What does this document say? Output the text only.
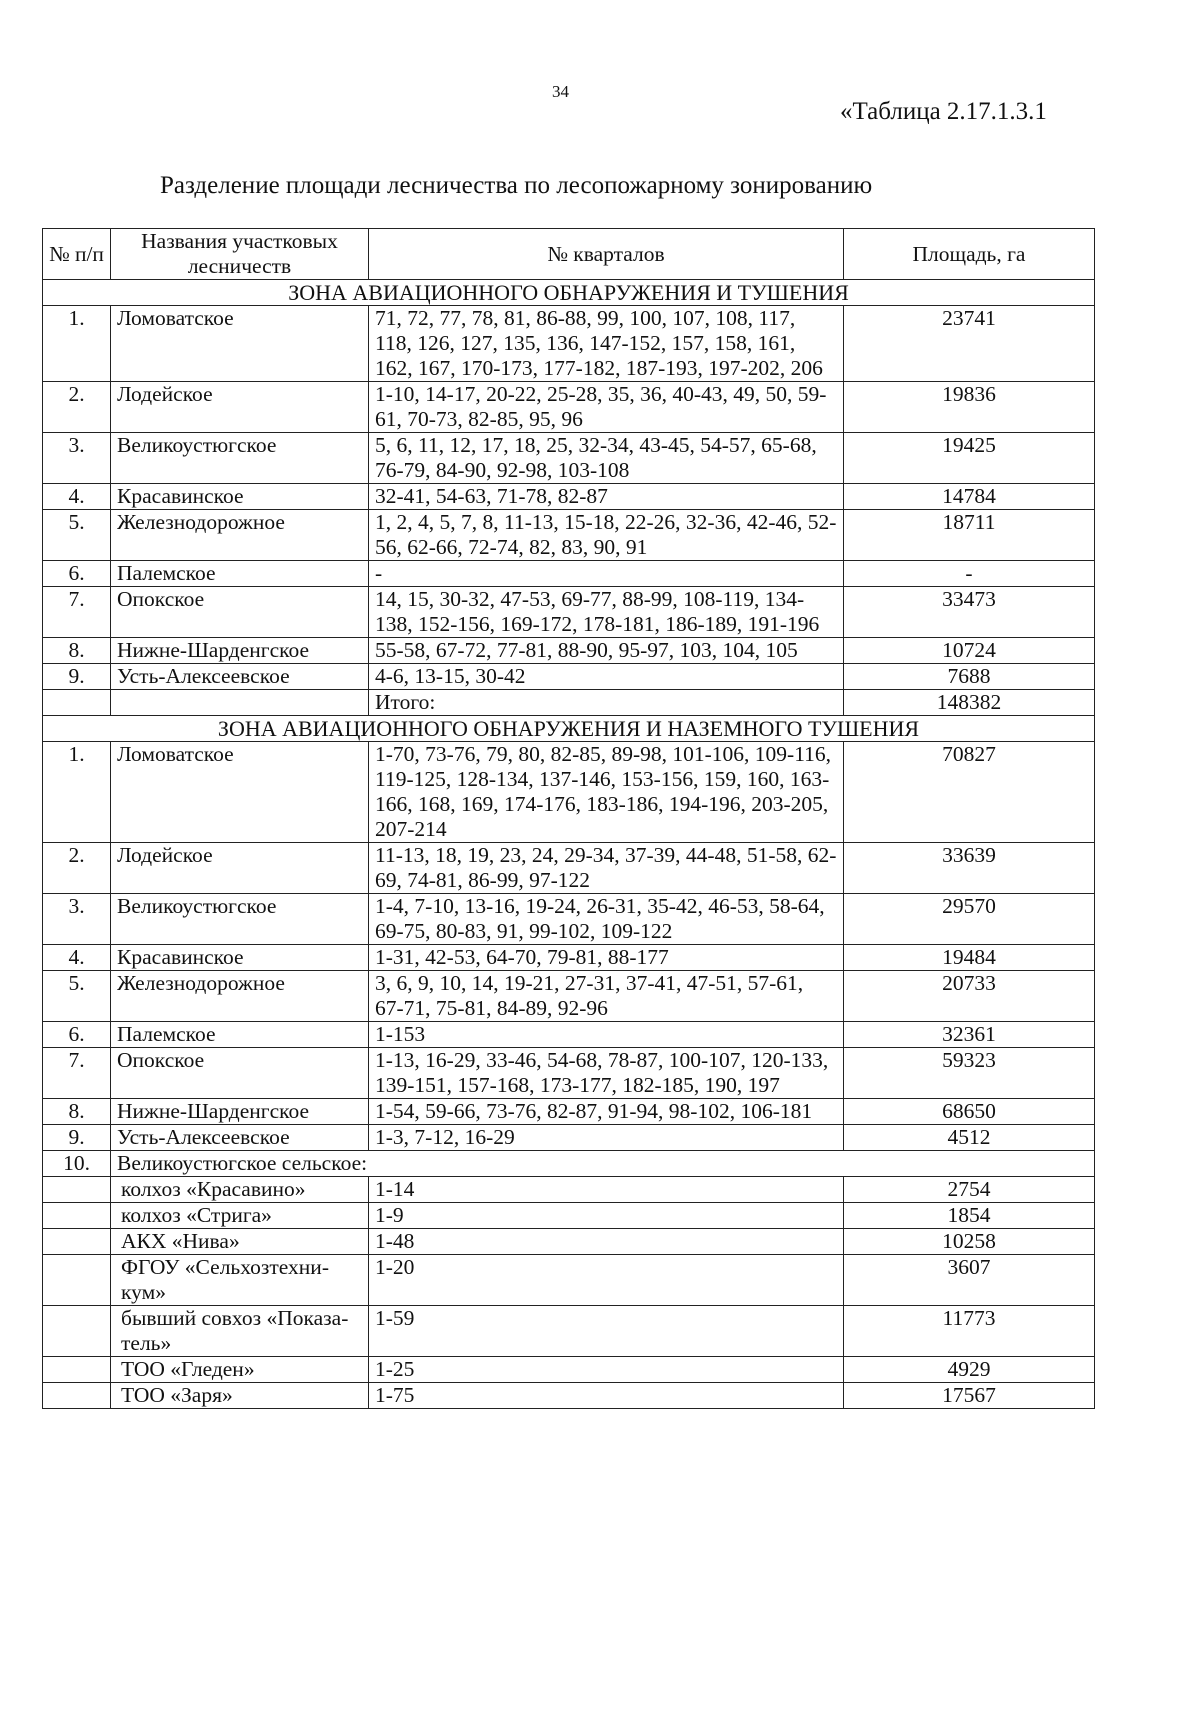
34
«Таблица 2.17.1.3.1
Разделение площади лесничества по лесопожарному зонированию
№ п/п	Названия участковых лесничеств	№ кварталов	Площадь, га
ЗОНА АВИАЦИОННОГО ОБНАРУЖЕНИЯ И ТУШЕНИЯ			
1.	Ломоватское	71, 72, 77, 78, 81, 86-88, 99, 100, 107, 108, 117, 118, 126, 127, 135, 136, 147-152, 157, 158, 161, 162, 167, 170-173, 177-182, 187-193, 197-202, 206	23741
2.	Лодейское	1-10, 14-17, 20-22, 25-28, 35, 36, 40-43, 49, 50, 59-61, 70-73, 82-85, 95, 96	19836
3.	Великоустюгское	5, 6, 11, 12, 17, 18, 25, 32-34, 43-45, 54-57, 65-68, 76-79, 84-90, 92-98, 103-108	19425
4.	Красавинское	32-41, 54-63, 71-78, 82-87	14784
5.	Железнодорожное	1, 2, 4, 5, 7, 8, 11-13, 15-18, 22-26, 32-36, 42-46, 52-56, 62-66, 72-74, 82, 83, 90, 91	18711
6.	Палемское	-	-
7.	Опокское	14, 15, 30-32, 47-53, 69-77, 88-99, 108-119, 134-138, 152-156, 169-172, 178-181, 186-189, 191-196	33473
8.	Нижне-Шарденгское	55-58, 67-72, 77-81, 88-90, 95-97, 103, 104, 105	10724
9.	Усть-Алексеевское	4-6, 13-15, 30-42	7688
		Итого:	148382
ЗОНА АВИАЦИОННОГО ОБНАРУЖЕНИЯ И НАЗЕМНОГО ТУШЕНИЯ			
1.	Ломоватское	1-70, 73-76, 79, 80, 82-85, 89-98, 101-106, 109-116, 119-125, 128-134, 137-146, 153-156, 159, 160, 163-166, 168, 169, 174-176, 183-186, 194-196, 203-205, 207-214	70827
2.	Лодейское	11-13, 18, 19, 23, 24, 29-34, 37-39, 44-48, 51-58, 62-69, 74-81, 86-99, 97-122	33639
3.	Великоустюгское	1-4, 7-10, 13-16, 19-24, 26-31, 35-42, 46-53, 58-64, 69-75, 80-83, 91, 99-102, 109-122	29570
4.	Красавинское	1-31, 42-53, 64-70, 79-81, 88-177	19484
5.	Железнодорожное	3, 6, 9, 10, 14, 19-21, 27-31, 37-41, 47-51, 57-61, 67-71, 75-81, 84-89, 92-96	20733
6.	Палемское	1-153	32361
7.	Опокское	1-13, 16-29, 33-46, 54-68, 78-87, 100-107, 120-133, 139-151, 157-168, 173-177, 182-185, 190, 197	59323
8.	Нижне-Шарденгское	1-54, 59-66, 73-76, 82-87, 91-94, 98-102, 106-181	68650
9.	Усть-Алексеевское	1-3, 7-12, 16-29	4512
10.	Великоустюгское сельское:		
	колхоз «Красавино»	1-14	2754
	колхоз «Стрига»	1-9	1854
	АКХ «Нива»	1-48	10258
	ФГОУ «Сельхозтехни-кум»	1-20	3607
	бывший совхоз «Показа-тель»	1-59	11773
	ТОО «Гледен»	1-25	4929
	ТОО «Заря»	1-75	17567
